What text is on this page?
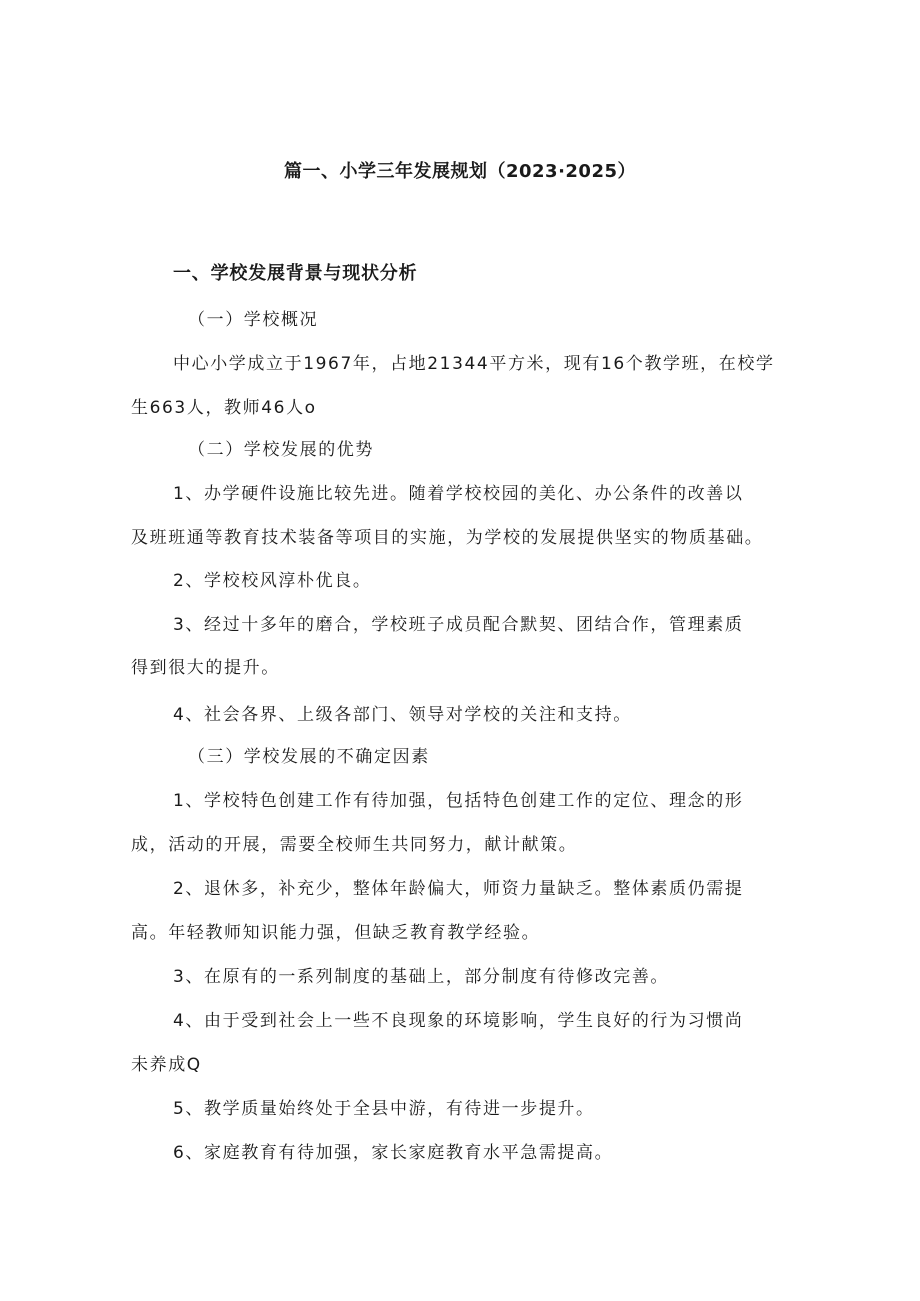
篇一、小学三年发展规划（2023·2025）
一、学校发展背景与现状分析
（一）学校概况
中心小学成立于1967年，占地21344平方米，现有16个教学班，在校学
生663人，教师46人o
（二）学校发展的优势
1、办学硬件设施比较先进。随着学校校园的美化、办公条件的改善以
及班班通等教育技术装备等项目的实施，为学校的发展提供坚实的物质基础。
2、学校校风淳朴优良。
3、经过十多年的磨合，学校班子成员配合默契、团结合作，管理素质
得到很大的提升。
4、社会各界、上级各部门、领导对学校的关注和支持。
（三）学校发展的不确定因素
1、学校特色创建工作有待加强，包括特色创建工作的定位、理念的形
成，活动的开展，需要全校师生共同努力，献计献策。
2、退休多，补充少，整体年龄偏大，师资力量缺乏。整体素质仍需提
高。年轻教师知识能力强，但缺乏教育教学经验。
3、在原有的一系列制度的基础上，部分制度有待修改完善。
4、由于受到社会上一些不良现象的环境影响，学生良好的行为习惯尚
未养成Q
5、教学质量始终处于全县中游，有待进一步提升。
6、家庭教育有待加强，家长家庭教育水平急需提高。
